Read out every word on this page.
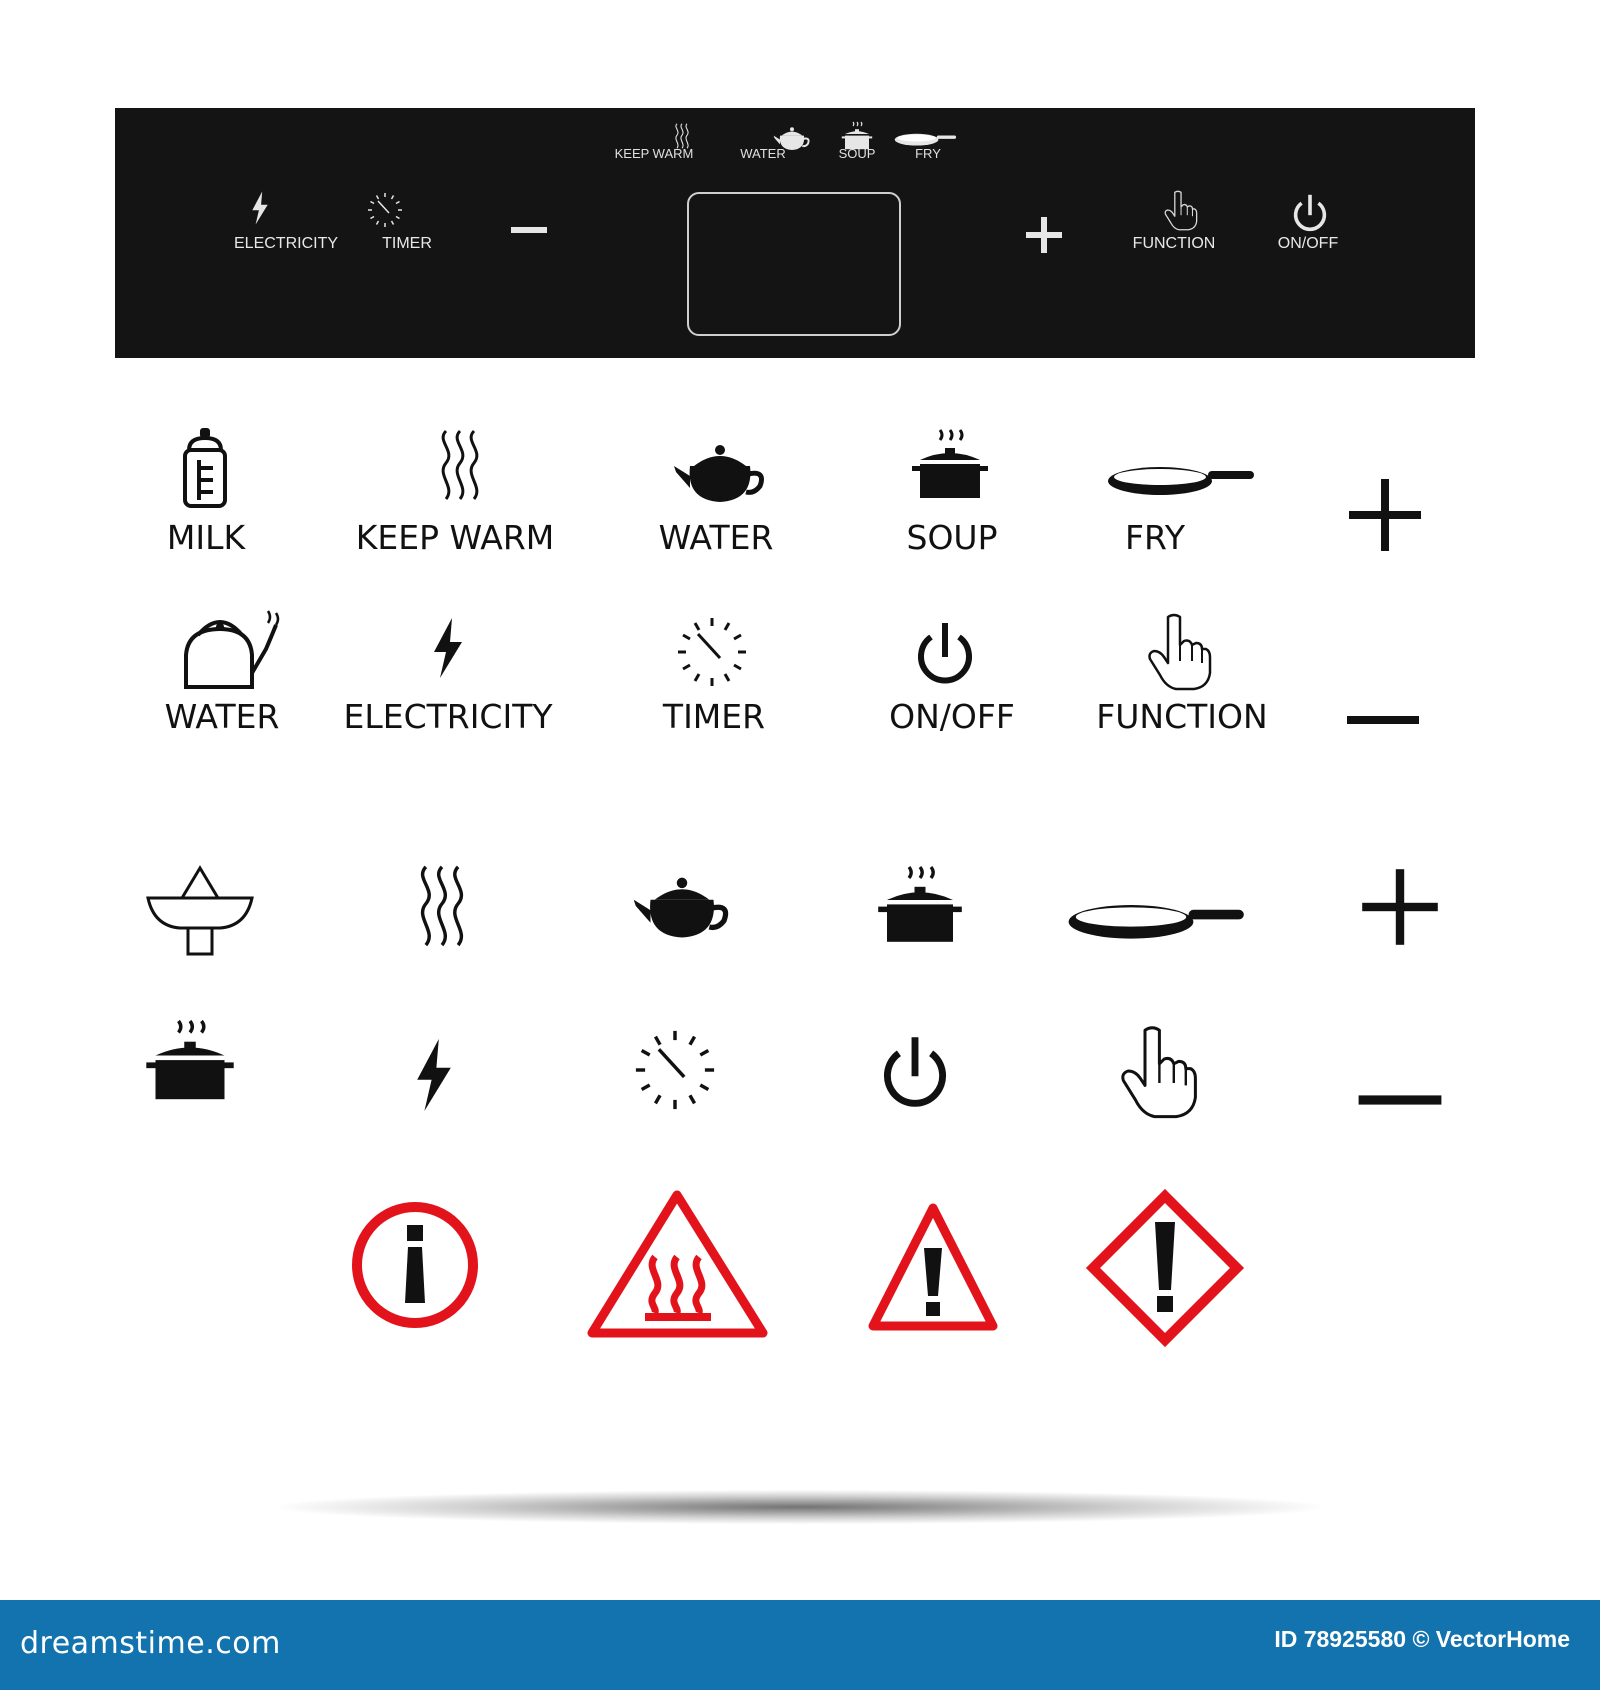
KEEP WARM	WATER	SOUP	FRY
ELECTRICITY	TIMER	FUNCTION	ON/OFF
MILK	KEEP WARM	WATER	SOUP	FRY
WATER ELECTRICITY	TIMER	ON/OFF FUNCTION
dreamstime.com	ID 78925580 © VectorHome
